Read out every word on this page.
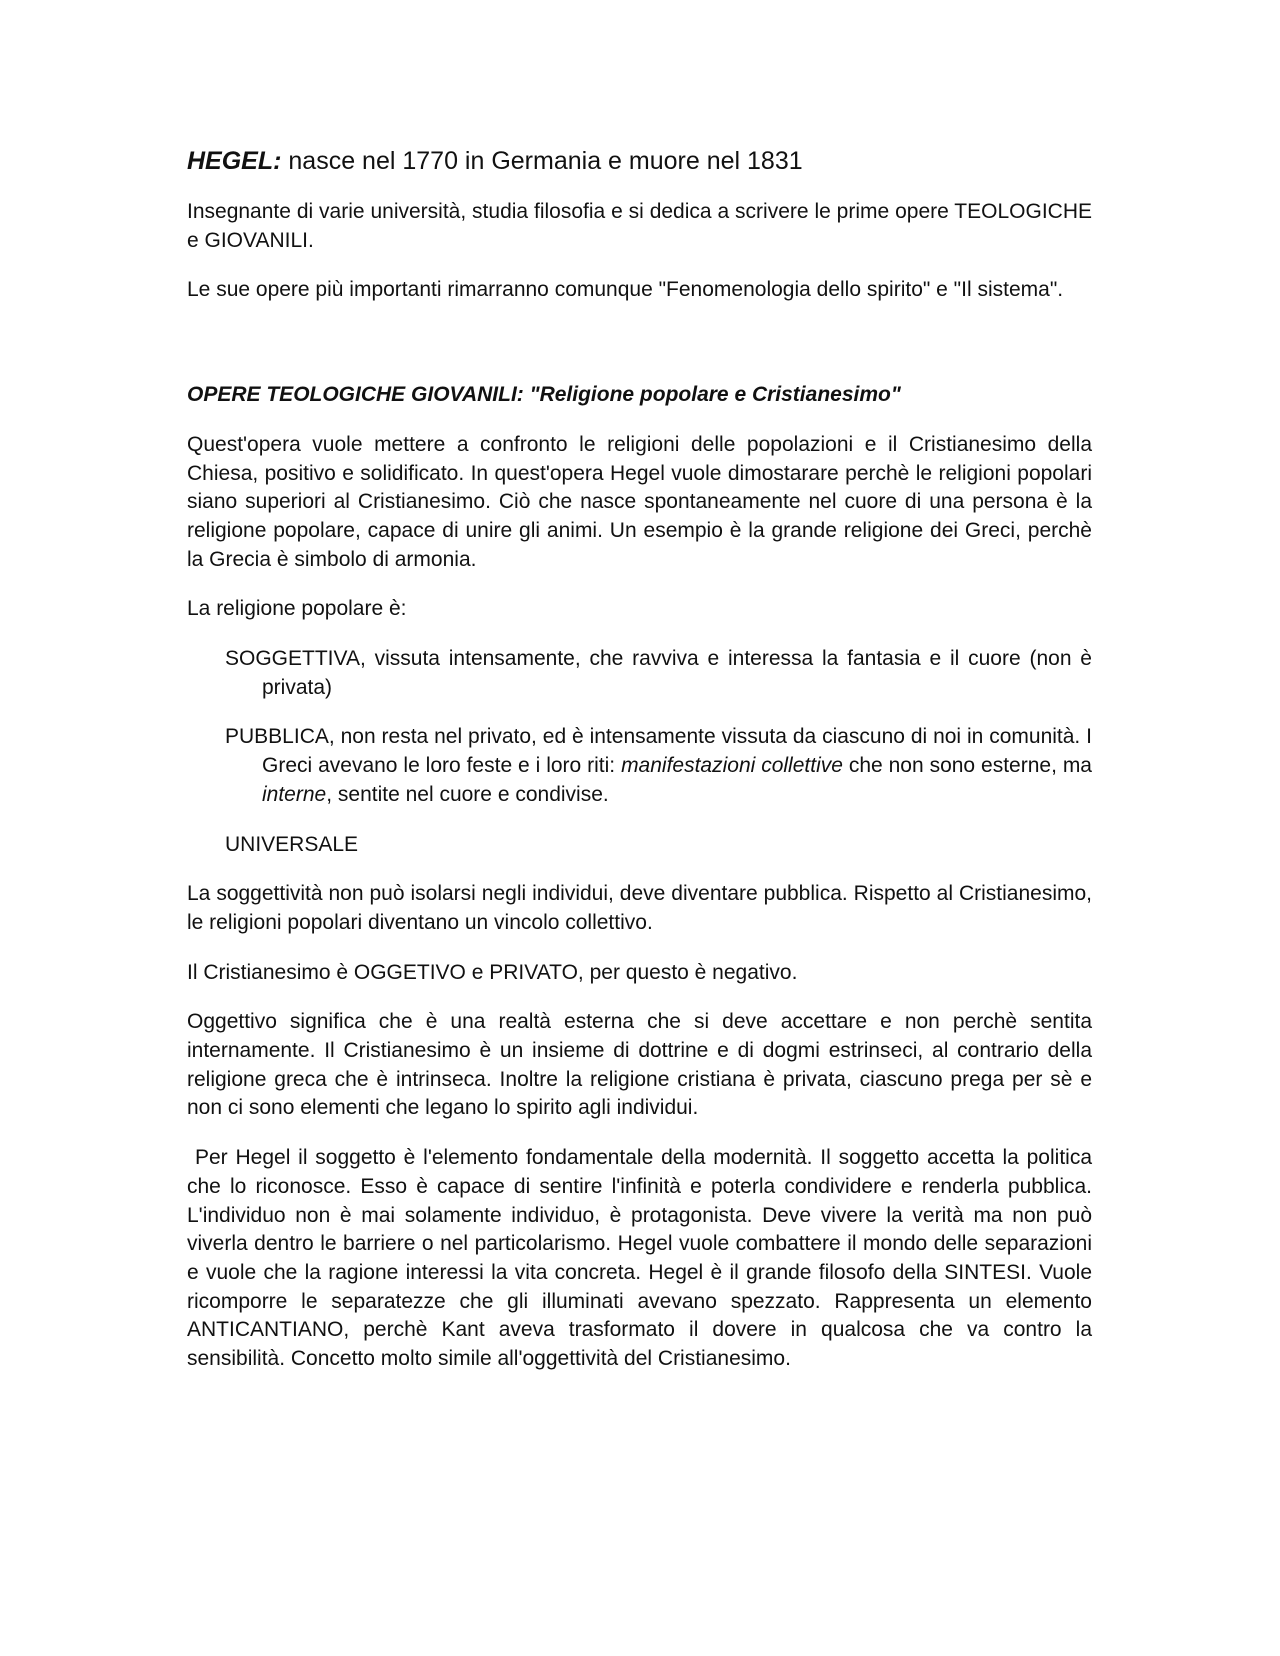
HEGEL: nasce nel 1770 in Germania e muore nel 1831

Insegnante di varie università, studia filosofia e si dedica a scrivere le prime opere TEOLOGICHE e GIOVANILI.

Le sue opere più importanti rimarranno comunque "Fenomenologia dello spirito" e "Il sistema".

OPERE TEOLOGICHE GIOVANILI: "Religione popolare e Cristianesimo"

Quest'opera vuole mettere a confronto le religioni delle popolazioni e il Cristianesimo della Chiesa, positivo e solidificato. In quest'opera Hegel vuole dimostarare perchè le religioni popolari siano superiori al Cristianesimo. Ciò che nasce spontaneamente nel cuore di una persona è la religione popolare, capace di unire gli animi. Un esempio è la grande religione dei Greci, perchè la Grecia è simbolo di armonia.

La religione popolare è:

SOGGETTIVA, vissuta intensamente, che ravviva e interessa la fantasia e il cuore (non è privata)

PUBBLICA, non resta nel privato, ed è intensamente vissuta da ciascuno di noi in comunità. I Greci avevano le loro feste e i loro riti: manifestazioni collettive che non sono esterne, ma interne, sentite nel cuore e condivise.

UNIVERSALE

La soggettività non può isolarsi negli individui, deve diventare pubblica. Rispetto al Cristianesimo, le religioni popolari diventano un vincolo collettivo.

Il Cristianesimo è OGGETIVO e PRIVATO, per questo è negativo.

Oggettivo significa che è una realtà esterna che si deve accettare e non perchè sentita internamente. Il Cristianesimo è un insieme di dottrine e di dogmi estrinseci, al contrario della religione greca che è intrinseca. Inoltre la religione cristiana è privata, ciascuno prega per sè e non ci sono elementi che legano lo spirito agli individui.

Per Hegel il soggetto è l'elemento fondamentale della modernità. Il soggetto accetta la politica che lo riconosce. Esso è capace di sentire l'infinità e poterla condividere e renderla pubblica. L'individuo non è mai solamente individuo, è protagonista. Deve vivere la verità ma non può viverla dentro le barriere o nel particolarismo. Hegel vuole combattere il mondo delle separazioni e vuole che la ragione interessi la vita concreta. Hegel è il grande filosofo della SINTESI. Vuole ricomporre le separatezze che gli illuminati avevano spezzato. Rappresenta un elemento ANTICANTIANO, perchè Kant aveva trasformato il dovere in qualcosa che va contro la sensibilità. Concetto molto simile all'oggettività del Cristianesimo.
